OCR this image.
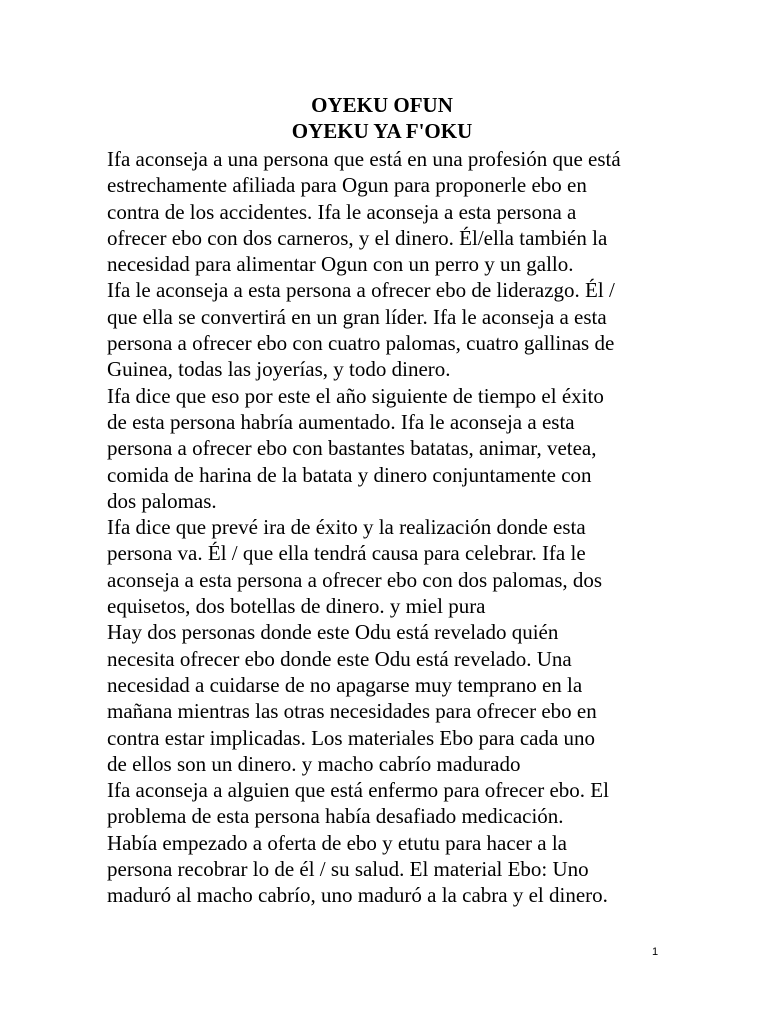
OYEKU OFUN
OYEKU YA F'OKU
Ifa aconseja a una persona que está en una profesión que está
estrechamente afiliada para Ogun para proponerle ebo en
contra de los accidentes. Ifa le aconseja a esta persona a
ofrecer ebo con dos carneros, y el dinero. Él/ella también la
necesidad para alimentar Ogun con un perro y un gallo.
Ifa le aconseja a esta persona a ofrecer ebo de liderazgo. Él /
que ella se convertirá en un gran líder. Ifa le aconseja a esta
persona a ofrecer ebo con cuatro palomas, cuatro gallinas de
Guinea, todas las joyerías, y todo dinero.
Ifa dice que eso por este el año siguiente de tiempo el éxito
de esta persona habría aumentado. Ifa le aconseja a esta
persona a ofrecer ebo con bastantes batatas, animar, vetea,
comida de harina de la batata y dinero conjuntamente con
dos palomas.
Ifa dice que prevé ira de éxito y la realización donde esta
persona va. Él / que ella tendrá causa para celebrar. Ifa le
aconseja a esta persona a ofrecer ebo con dos palomas, dos
equisetos, dos botellas de dinero. y miel pura
Hay dos personas donde este Odu está revelado quién
necesita ofrecer ebo donde este Odu está revelado. Una
necesidad a cuidarse de no apagarse muy temprano en la
mañana mientras las otras necesidades para ofrecer ebo en
contra estar implicadas. Los materiales Ebo para cada uno
de ellos son un dinero. y macho cabrío madurado
Ifa aconseja a alguien que está enfermo para ofrecer ebo. El
problema de esta persona había desafiado medicación.
Había empezado a oferta de ebo y etutu para hacer a la
persona recobrar lo de él / su salud. El material Ebo: Uno
maduró al macho cabrío, uno maduró a la cabra y el dinero.
1
